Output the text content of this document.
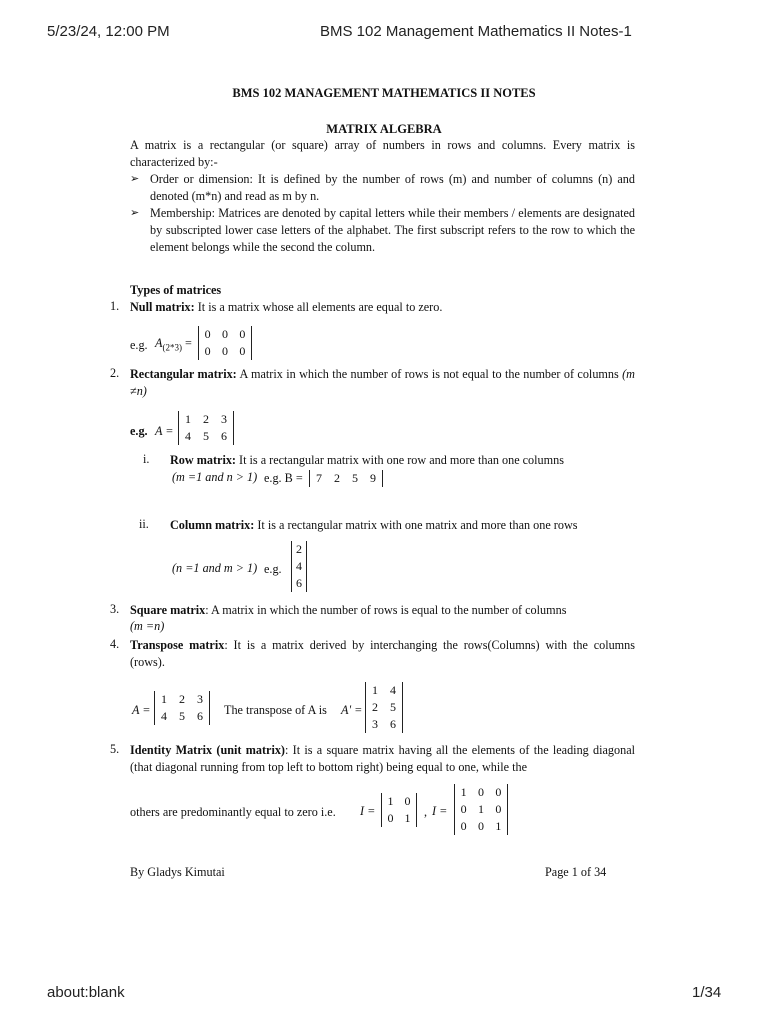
5/23/24, 12:00 PM	BMS 102 Management Mathematics II Notes-1
BMS 102 MANAGEMENT MATHEMATICS II NOTES
MATRIX ALGEBRA
A matrix is a rectangular (or square) array of numbers in rows and columns. Every matrix is characterized by:-
➢ Order or dimension: It is defined by the number of rows (m) and number of columns (n) and denoted (m*n) and read as m by n.
➢ Membership: Matrices are denoted by capital letters while their members / elements are designated by subscripted lower case letters of the alphabet. The first subscript refers to the row to which the element belongs while the second the column.
Types of matrices
1. Null matrix: It is a matrix whose all elements are equal to zero.
e.g. $A_{(2*3)}$ =
0	0	0
0	0	0
2. Rectangular matrix: A matrix in which the number of rows is not equal to the number of columns (m ≠n)
e.g. A =
1	2	3
4	5	6
i. Row matrix: It is a rectangular matrix with one row and more than one columns
(m =1 and n > 1) e.g. B = 7	2	5	9
ii. Column matrix: It is a rectangular matrix with one matrix and more than one rows
(n =1 and m > 1) e.g.
2
4
6
3. Square matrix: A matrix in which the number of rows is equal to the number of columns
(m =n)
4. Transpose matrix: It is a matrix derived by interchanging the rows(Columns) with the columns (rows).
A =
1	2	3
4	5	6 The transpose of A is A' =
1	4
2	5
3	6
5. Identity Matrix (unit matrix): It is a square matrix having all the elements of the leading diagonal (that diagonal running from top left to bottom right) being equal to one, while the
others are predominantly equal to zero i.e. I =
1	0
0	1 , I =
1	0	0
0	1	0
0	0	1
By Gladys Kimutai	Page 1 of 34
about:blank	1/34
